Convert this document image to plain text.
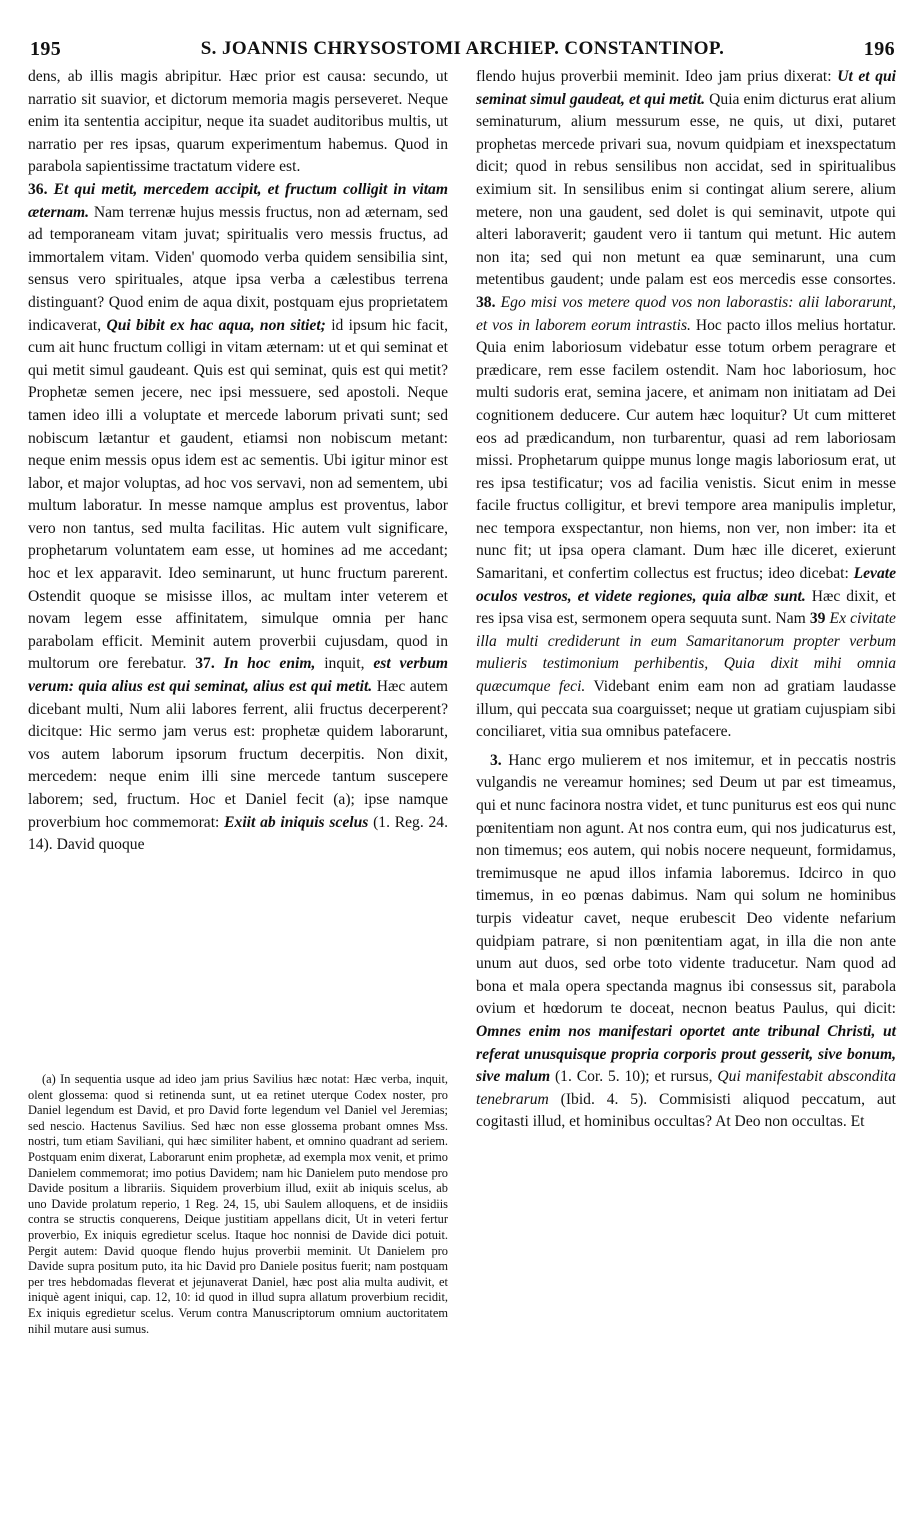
195	S. JOANNIS CHRYSOSTOMI ARCHIEP. CONSTANTINOP.	196

dens, ab illis magis abripitur. Hæc prior est causa: secundo, ut narratio sit suavior, et dictorum memoria magis perseveret. Neque enim ita sententia accipitur, neque ita suadet auditoribus multis, ut narratio per res ipsas, quarum experimentum habemus. Quod in parabola sapientissime tractatum videre est.

36. Et qui metit, mercedem accipit, et fructum colligit in vitam æternam. Nam terrenæ hujus messis fructus, non ad æternam, sed ad temporaneam vitam juvat; spiritualis vero messis fructus, ad immortalem vitam. Viden' quomodo verba quidem sensibilia sint, sensus vero spirituales, atque ipsa verba a cælestibus terrena distinguant? Quod enim de aqua dixit, postquam ejus proprietatem indicaverat, Qui bibit ex hac aqua, non sitiet; id ipsum hic facit, cum ait hunc fructum colligi in vitam æternam: ut et qui seminat et qui metit simul gaudeant. Quis est qui seminat, quis est qui metit? Prophetæ semen jecere, nec ipsi messuere, sed apostoli. Neque tamen ideo illi a voluptate et mercede laborum privati sunt; sed nobiscum lætantur et gaudent, etiamsi non nobiscum metant: neque enim messis opus idem est ac sementis. Ubi igitur minor est labor, et major voluptas, ad hoc vos servavi, non ad sementem, ubi multum laboratur. In messe namque amplus est proventus, labor vero non tantus, sed multa facilitas. Hic autem vult significare, prophetarum voluntatem eam esse, ut homines ad me accedant; hoc et lex apparavit. Ideo seminarunt, ut hunc fructum parerent. Ostendit quoque se misisse illos, ac multam inter veterem et novam legem esse affinitatem, simulque omnia per hanc parabolam efficit. Meminit autem proverbii cujusdam, quod in multorum ore ferebatur. 37. In hoc enim, inquit, est verbum verum: quia alius est qui seminat, alius est qui metit. Hæc autem dicebant multi, Num alii labores ferrent, alii fructus decerperent? dicitque: Hic sermo jam verus est: prophetæ quidem laborarunt, vos autem laborum ipsorum fructum decerpitis. Non dixit, mercedem: neque enim illi sine mercede tantum suscepere laborem; sed, fructum. Hoc et Daniel fecit (a); ipse namque proverbium hoc commemorat: Exiit ab iniquis scelus (1. Reg. 24. 14). David quoque

(a) In sequentia usque ad ideo jam prius Savilius hæc notat: Hæc verba, inquit, olent glossema: quod si retinenda sunt, ut ea retinet uterque Codex noster, pro Daniel legendum est David, et pro David forte legendum vel Daniel vel Jeremias; sed nescio. Hactenus Savilius. Sed hæc non esse glossema probant omnes Mss. nostri, tum etiam Saviliani, qui hæc similiter habent, et omnino quadrant ad seriem. Postquam enim dixerat, Laborarunt enim prophetæ, ad exempla mox venit, et primo Danielem commemorat; imo potius Davidem; nam hic Danielem puto mendose pro Davide positum a librariis. Siquidem proverbium illud, exiit ab iniquis scelus, ab uno Davide prolatum reperio, 1 Reg. 24, 15, ubi Saulem alloquens, et de insidiis contra se structis conquerens, Deique justitiam appellans dicit, Ut in veteri fertur proverbio, Ex iniquis egredietur scelus. Itaque hoc nonnisi de Davide dici potuit. Pergit autem: David quoque flendo hujus proverbii meminit. Ut Danielem pro Davide supra positum puto, ita hic David pro Daniele positus fuerit; nam postquam per tres hebdomadas fleverat et jejunaverat Daniel, hæc post alia multa audivit, et iniquè agent iniqui, cap. 12, 10: id quod in illud supra allatum proverbium recidit, Ex iniquis egredietur scelus. Verum contra Manuscriptorum omnium auctoritatem nihil mutare ausi sumus.

flendo hujus proverbii meminit. Ideo jam prius dixerat: Ut et qui seminat simul gaudeat, et qui metit. Quia enim dicturus erat alium seminaturum, alium messurum esse, ne quis, ut dixi, putaret prophetas mercede privari sua, novum quidpiam et inexspectatum dicit; quod in rebus sensilibus non accidat, sed in spiritualibus eximium sit. In sensilibus enim si contingat alium serere, alium metere, non una gaudent, sed dolet is qui seminavit, utpote qui alteri laboraverit; gaudent vero ii tantum qui metunt. Hic autem non ita; sed qui non metunt ea quæ seminarunt, una cum metentibus gaudent; unde palam est eos mercedis esse consortes. 38. Ego misi vos metere quod vos non laborastis: alii laborarunt, et vos in laborem eorum intrastis. Hoc pacto illos melius hortatur. Quia enim laboriosum videbatur esse totum orbem peragrare et prædicare, rem esse facilem ostendit. Nam hoc laboriosum, hoc multi sudoris erat, semina jacere, et animam non initiatam ad Dei cognitionem deducere. Cur autem hæc loquitur? Ut cum mitteret eos ad prædicandum, non turbarentur, quasi ad rem laboriosam missi. Prophetarum quippe munus longe magis laboriosum erat, ut res ipsa testificatur; vos ad facilia venistis. Sicut enim in messe facile fructus colligitur, et brevi tempore area manipulis impletur, nec tempora exspectantur, non hiems, non ver, non imber: ita et nunc fit; ut ipsa opera clamant. Dum hæc ille diceret, exierunt Samaritani, et confertim collectus est fructus; ideo dicebat: Levate oculos vestros, et videte regiones, quia albæ sunt. Hæc dixit, et res ipsa visa est, sermonem opera sequuta sunt. Nam 39 Ex civitate illa multi crediderunt in eum Samaritanorum propter verbum mulieris testimonium perhibentis, Quia dixit mihi omnia quæcumque feci. Videbant enim eam non ad gratiam laudasse illum, qui peccata sua coarguisset; neque ut gratiam cujuspiam sibi conciliaret, vitia sua omnibus patefacere.

3. Hanc ergo mulierem et nos imitemur, et in peccatis nostris vulgandis ne vereamur homines; sed Deum ut par est timeamus, qui et nunc facinora nostra videt, et tunc puniturus est eos qui nunc pœnitentiam non agunt. At nos contra eum, qui nos judicaturus est, non timemus; eos autem, qui nobis nocere nequeunt, formidamus, tremimusque ne apud illos infamia laboremus. Idcirco in quo timemus, in eo pœnas dabimus. Nam qui solum ne hominibus turpis videatur cavet, neque erubescit Deo vidente nefarium quidpiam patrare, si non pœnitentiam agat, in illa die non ante unum aut duos, sed orbe toto vidente traducetur. Nam quod ad bona et mala opera spectanda magnus ibi consessus sit, parabola ovium et hœdorum te doceat, necnon beatus Paulus, qui dicit: Omnes enim nos manifestari oportet ante tribunal Christi, ut referat unusquisque propria corporis prout gesserit, sive bonum, sive malum (1. Cor. 5. 10); et rursus, Qui manifestabit abscondita tenebrarum (Ibid. 4. 5). Commisisti aliquod peccatum, aut cogitasti illud, et hominibus occultas? At Deo non occultas. Et
